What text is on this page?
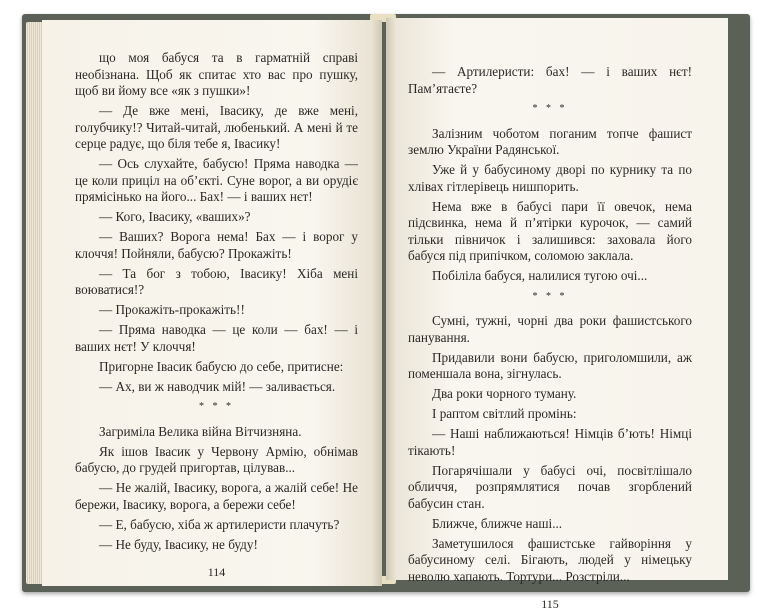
що моя бабуся та в гарматній справі необізнана. Щоб як спитає хто вас про пушку, щоб ви йому все «як з пушки»!

— Де вже мені, Івасику, де вже мені, голубчику!? Читай-читай, любенький. А мені й те серце радує, що біля тебе я, Івасику!

— Ось слухайте, бабусю! Пряма наводка — це коли приціл на об’єкті. Суне ворог, а ви орудіє прямісінько на його... Бах! — і ваших нєт!

— Кого, Івасику, «ваших»?

— Ваших? Ворога нема! Бах — і ворог у клоччя! Пойняли, бабусю? Прокажіть!

— Та бог з тобою, Івасику! Хіба мені воюватися!?

— Прокажіть-прокажіть!!

— Пряма наводка — це коли — бах! — і ваших нєт! У клоччя!

Пригорне Івасик бабусю до себе, притисне:

— Ах, ви ж наводчик мій! — заливається.

* * *

Загриміла Велика війна Вітчизняна.

Як ішов Івасик у Червону Армію, обнімав бабусю, до грудей пригортав, цілував...

— Не жалій, Івасику, ворога, а жалій себе! Не бережи, Івасику, ворога, а бережи себе!

— Е, бабусю, хіба ж артилеристи плачуть?

— Не буду, Івасику, не буду!

114

— Артилеристи: бах! — і ваших нєт! Пам’ятаєте?

* * *

Залізним чоботом поганим топче фашист землю України Радянської.

Уже й у бабусиному дворі по курнику та по хлівах гітлерівець нишпорить.

Нема вже в бабусі пари її овечок, нема підсвинка, нема й п’ятірки курочок, — самий тільки півничок і залишився: заховала його бабуся під припічком, соломою заклала.

Побіліла бабуся, налилися тугою очі...

* * *

Сумні, тужні, чорні два роки фашистського панування.

Придавили вони бабусю, приголомшили, аж поменшала вона, зігнулась.

Два роки чорного туману.

І раптом світлий промінь:

— Наші наближаються! Німців б’ють! Німці тікають!

Погарячішали у бабусі очі, посвітлішало обличчя, розпрямлятися почав згорблений бабусин стан.

Ближче, ближче наші...

Заметушилося фашистське гайворіння у бабусиному селі. Бігають, людей у німецьку неволю хапають. Тортури... Розстріли...

115
